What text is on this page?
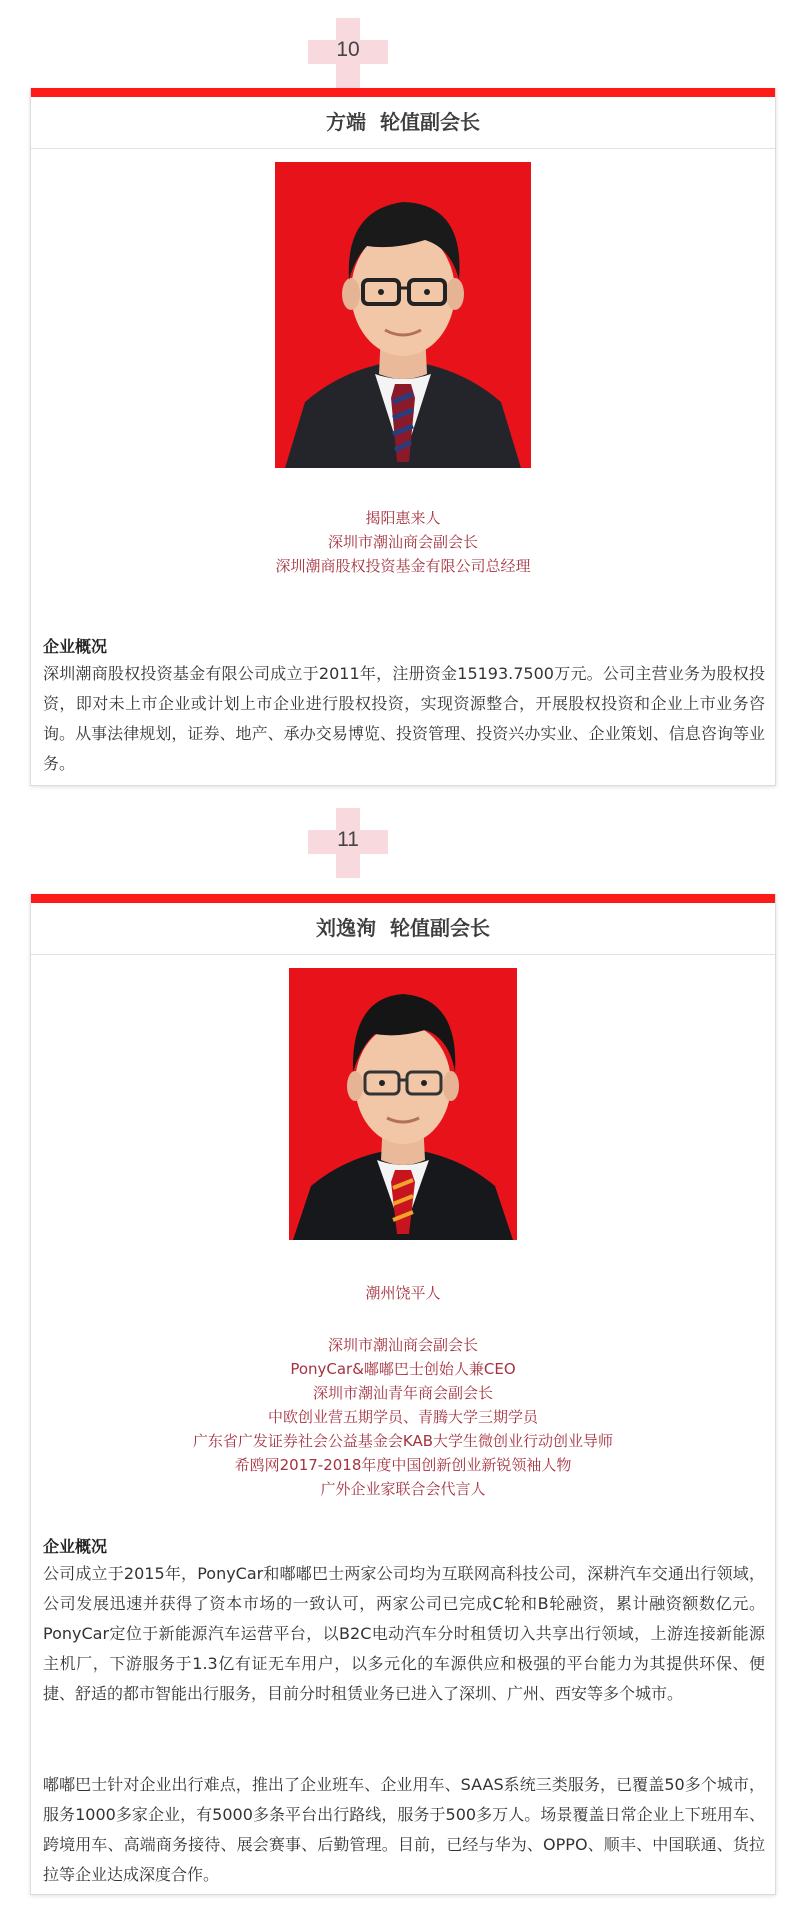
10
方端  轮值副会长
揭阳惠来人
深圳市潮汕商会副会长
深圳潮商股权投资基金有限公司总经理
企业概况
深圳潮商股权投资基金有限公司成立于2011年，注册资金15193.7500万元。公司主营业务为股权投资，即对未上市企业或计划上市企业进行股权投资，实现资源整合，开展股权投资和企业上市业务咨询。从事法律规划，证券、地产、承办交易博览、投资管理、投资兴办实业、企业策划、信息咨询等业务。
11
刘逸洵  轮值副会长
潮州饶平人
深圳市潮汕商会副会长
PonyCar&嘟嘟巴士创始人兼CEO
深圳市潮汕青年商会副会长
中欧创业营五期学员、青腾大学三期学员
广东省广发证券社会公益基金会KAB大学生微创业行动创业导师
希鸥网2017-2018年度中国创新创业新锐领袖人物
广外企业家联合会代言人
企业概况
公司成立于2015年，PonyCar和嘟嘟巴士两家公司均为互联网高科技公司，深耕汽车交通出行领域，公司发展迅速并获得了资本市场的一致认可，两家公司已完成C轮和B轮融资，累计融资额数亿元。PonyCar定位于新能源汽车运营平台，以B2C电动汽车分时租赁切入共享出行领域，上游连接新能源主机厂，下游服务于1.3亿有证无车用户，以多元化的车源供应和极强的平台能力为其提供环保、便捷、舒适的都市智能出行服务，目前分时租赁业务已进入了深圳、广州、西安等多个城市。
嘟嘟巴士针对企业出行难点，推出了企业班车、企业用车、SAAS系统三类服务，已覆盖50多个城市，服务1000多家企业，有5000多条平台出行路线，服务于500多万人。场景覆盖日常企业上下班用车、跨境用车、高端商务接待、展会赛事、后勤管理。目前，已经与华为、OPPO、顺丰、中国联通、货拉拉等企业达成深度合作。
